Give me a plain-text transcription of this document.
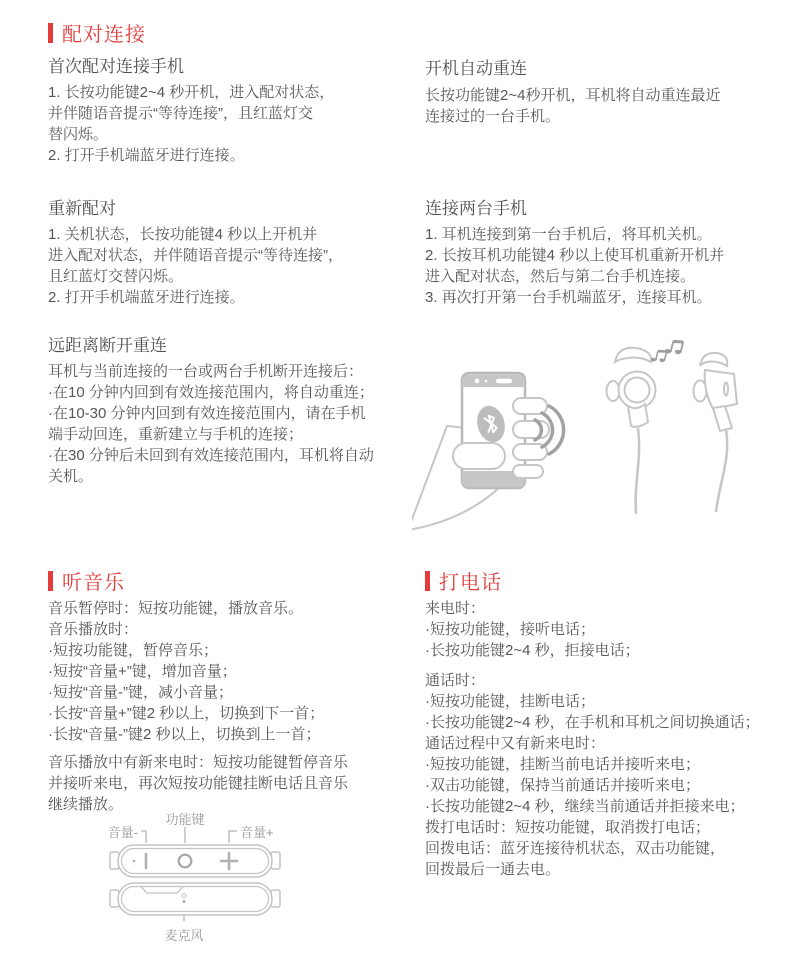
配对连接
首次配对连接手机
1. 长按功能键2~4 秒开机，进入配对状态，
并伴随语音提示“等待连接”，且红蓝灯交
替闪烁。
2. 打开手机端蓝牙进行连接。
开机自动重连
长按功能键2~4秒开机，耳机将自动重连最近
连接过的一台手机。
重新配对
1. 关机状态，长按功能键4 秒以上开机并
进入配对状态，并伴随语音提示“等待连接”，
且红蓝灯交替闪烁。
2. 打开手机端蓝牙进行连接。
连接两台手机
1. 耳机连接到第一台手机后，将耳机关机。
2. 长按耳机功能键4 秒以上使耳机重新开机并
进入配对状态，然后与第二台手机连接。
3. 再次打开第一台手机端蓝牙，连接耳机。
远距离断开重连
耳机与当前连接的一台或两台手机断开连接后：
·在10 分钟内回到有效连接范围内，将自动重连；
·在10-30 分钟内回到有效连接范围内，请在手机
端手动回连，重新建立与手机的连接；
·在30 分钟后未回到有效连接范围内，耳机将自动
关机。
听音乐
音乐暂停时：短按功能键，播放音乐。
音乐播放时：
·短按功能键，暂停音乐；
·短按“音量+”键，增加音量；
·短按“音量-”键，减小音量；
·长按“音量+”键2 秒以上，切换到下一首；
·长按“音量-”键2 秒以上，切换到上一首；
音乐播放中有新来电时：短按功能键暂停音乐
并接听来电，再次短按功能键挂断电话且音乐
继续播放。
打电话
来电时：
·短按功能键，接听电话；
·长按功能键2~4 秒，拒接电话；
通话时：
·短按功能键，挂断电话；
·长按功能键2~4 秒，在手机和耳机之间切换通话；
通话过程中又有新来电时：
·短按功能键，挂断当前电话并接听来电；
·双击功能键，保持当前通话并接听来电；
·长按功能键2~4 秒，继续当前通话并拒接来电；
拨打电话时：短按功能键，取消拨打电话；
回拨电话：蓝牙连接待机状态，双击功能键，
回拨最后一通去电。
音量-
功能键
音量+
麦克风
